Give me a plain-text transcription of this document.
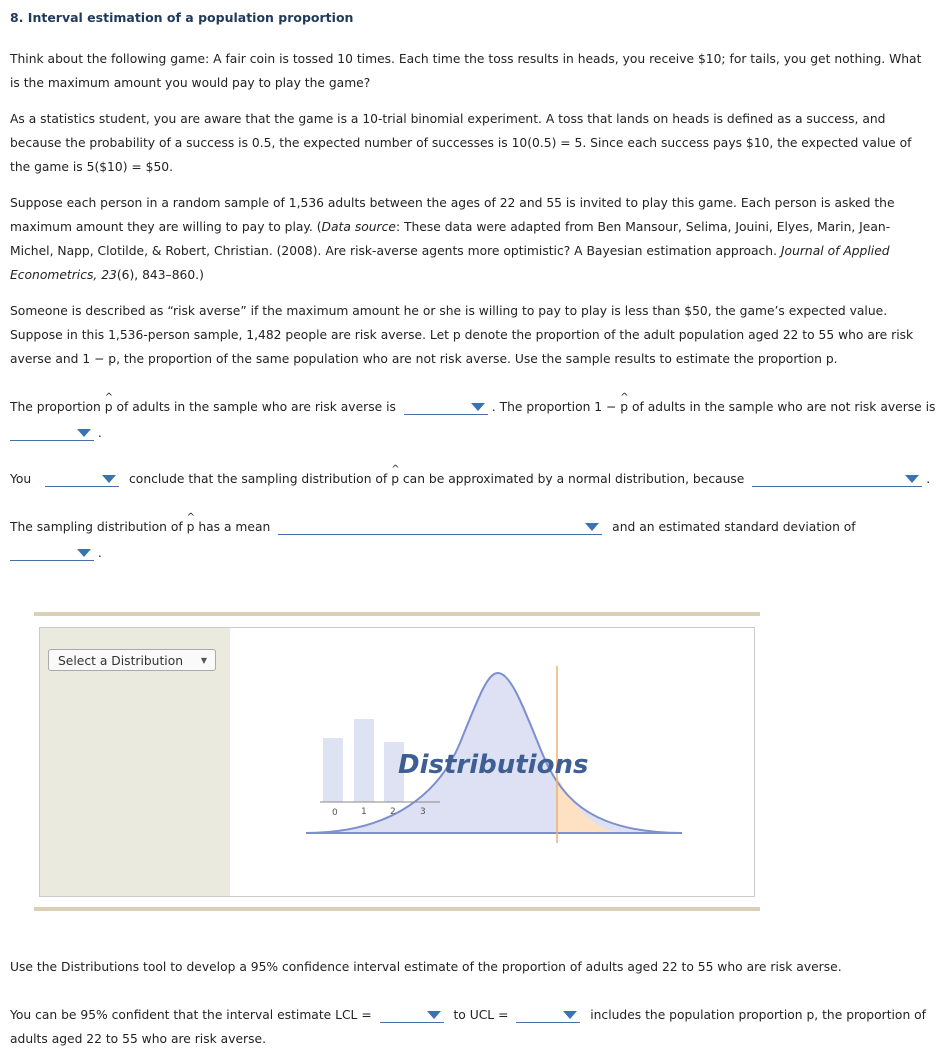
8. Interval estimation of a population proportion
Think about the following game: A fair coin is tossed 10 times. Each time the toss results in heads, you receive $10; for tails, you get nothing. What is the maximum amount you would pay to play the game?
As a statistics student, you are aware that the game is a 10-trial binomial experiment. A toss that lands on heads is defined as a success, and because the probability of a success is 0.5, the expected number of successes is 10(0.5) = 5. Since each success pays $10, the expected value of the game is 5($10) = $50.
Suppose each person in a random sample of 1,536 adults between the ages of 22 and 55 is invited to play this game. Each person is asked the maximum amount they are willing to pay to play. (Data source: These data were adapted from Ben Mansour, Selima, Jouini, Elyes, Marin, Jean-Michel, Napp, Clotilde, & Robert, Christian. (2008). Are risk-averse agents more optimistic? A Bayesian estimation approach. Journal of Applied Econometrics, 23(6), 843–860.)
Someone is described as “risk averse” if the maximum amount he or she is willing to pay to play is less than $50, the game’s expected value. Suppose in this 1,536-person sample, 1,482 people are risk averse. Let p denote the proportion of the adult population aged 22 to 55 who are risk averse and 1 − p, the proportion of the same population who are not risk averse. Use the sample results to estimate the proportion p.
The proportion ^ p of adults in the sample who are risk averse is	. The proportion 1 − ^ p of adults in the sample who are not risk averse is
.
You	conclude that the sampling distribution of ^ p can be approximated by a normal distribution, because	.
The sampling distribution of ^ p has a mean	and an estimated standard deviation of
.
Select a Distribution ▼
0	1	2	3
Distributions
Use the Distributions tool to develop a 95% confidence interval estimate of the proportion of adults aged 22 to 55 who are risk averse.
You can be 95% confident that the interval estimate LCL =	to UCL =	includes the population proportion p, the proportion of
adults aged 22 to 55 who are risk averse.
